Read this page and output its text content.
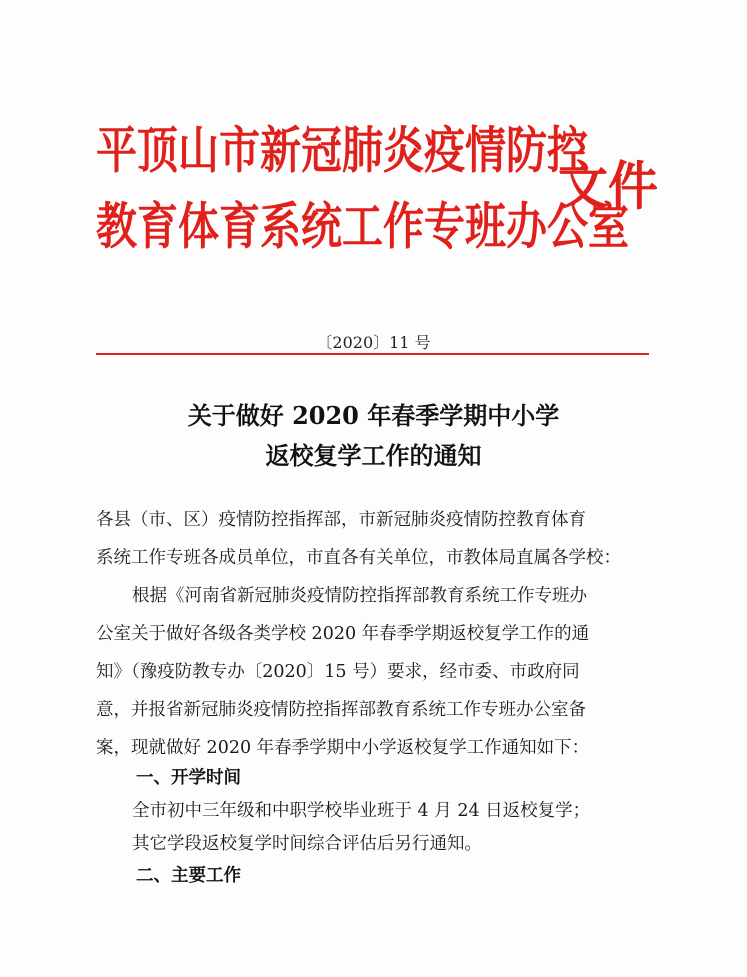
平顶山市新冠肺炎疫情防控
教育体育系统工作专班办公室
文件
〔2020〕11 号
关于做好 2020 年春季学期中小学
返校复学工作的通知
各县（市、区）疫情防控指挥部，市新冠肺炎疫情防控教育体育
系统工作专班各成员单位，市直各有关单位，市教体局直属各学校：
根据《河南省新冠肺炎疫情防控指挥部教育系统工作专班办
公室关于做好各级各类学校 2020 年春季学期返校复学工作的通
知》（豫疫防教专办〔2020〕15 号）要求，经市委、市政府同
意，并报省新冠肺炎疫情防控指挥部教育系统工作专班办公室备
案，现就做好 2020 年春季学期中小学返校复学工作通知如下：
一、开学时间
全市初中三年级和中职学校毕业班于 4 月 24 日返校复学；
其它学段返校复学时间综合评估后另行通知。
二、主要工作
